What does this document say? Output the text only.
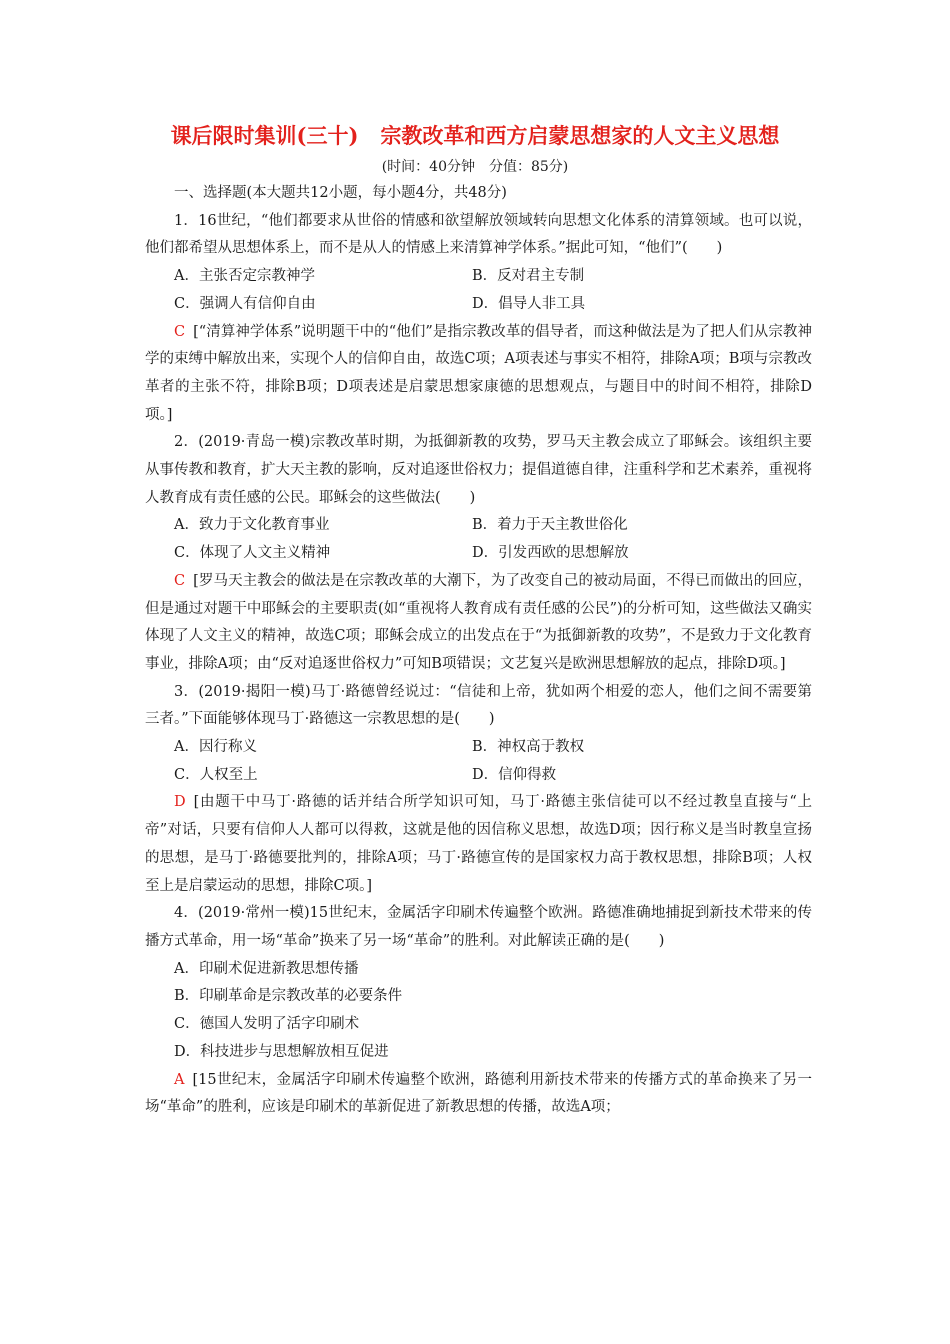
课后限时集训(三十) 宗教改革和西方启蒙思想家的人文主义思想
(时间：40分钟　分值：85分)

一、选择题(本大题共12小题，每小题4分，共48分)

1．16世纪，“他们都要求从世俗的情感和欲望解放领域转向思想文化体系的清算领域。也可以说，他们都希望从思想体系上，而不是从人的情感上来清算神学体系。”据此可知，“他们”(　　)

A．主张否定宗教神学	B．反对君主专制
C．强调人有信仰自由	D．倡导人非工具

C [“清算神学体系”说明题干中的“他们”是指宗教改革的倡导者，而这种做法是为了把人们从宗教神学的束缚中解放出来，实现个人的信仰自由，故选C项；A项表述与事实不相符，排除A项；B项与宗教改革者的主张不符，排除B项；D项表述是启蒙思想家康德的思想观点，与题目中的时间不相符，排除D项。]

2．(2019·青岛一模)宗教改革时期，为抵御新教的攻势，罗马天主教会成立了耶稣会。该组织主要从事传教和教育，扩大天主教的影响，反对追逐世俗权力；提倡道德自律，注重科学和艺术素养，重视将人教育成有责任感的公民。耶稣会的这些做法(　　)

A．致力于文化教育事业	B．着力于天主教世俗化
C．体现了人文主义精神	D．引发西欧的思想解放

C [罗马天主教会的做法是在宗教改革的大潮下，为了改变自己的被动局面，不得已而做出的回应，但是通过对题干中耶稣会的主要职责(如“重视将人教育成有责任感的公民”)的分析可知，这些做法又确实体现了人文主义的精神，故选C项；耶稣会成立的出发点在于“为抵御新教的攻势”，不是致力于文化教育事业，排除A项；由“反对追逐世俗权力”可知B项错误；文艺复兴是欧洲思想解放的起点，排除D项。]

3．(2019·揭阳一模)马丁·路德曾经说过：“信徒和上帝，犹如两个相爱的恋人，他们之间不需要第三者。”下面能够体现马丁·路德这一宗教思想的是(　　)

A．因行称义	B．神权高于教权
C．人权至上	D．信仰得救

D [由题干中马丁·路德的话并结合所学知识可知，马丁·路德主张信徒可以不经过教皇直接与“上帝”对话，只要有信仰人人都可以得救，这就是他的因信称义思想，故选D项；因行称义是当时教皇宣扬的思想，是马丁·路德要批判的，排除A项；马丁·路德宣传的是国家权力高于教权思想，排除B项；人权至上是启蒙运动的思想，排除C项。]

4．(2019·常州一模)15世纪末，金属活字印刷术传遍整个欧洲。路德准确地捕捉到新技术带来的传播方式革命，用一场“革命”换来了另一场“革命”的胜利。对此解读正确的是(　　)

A．印刷术促进新教思想传播

B．印刷革命是宗教改革的必要条件

C．德国人发明了活字印刷术

D．科技进步与思想解放相互促进

A [15世纪末，金属活字印刷术传遍整个欧洲，路德利用新技术带来的传播方式的革命换来了另一场“革命”的胜利，应该是印刷术的革新促进了新教思想的传播，故选A项；
